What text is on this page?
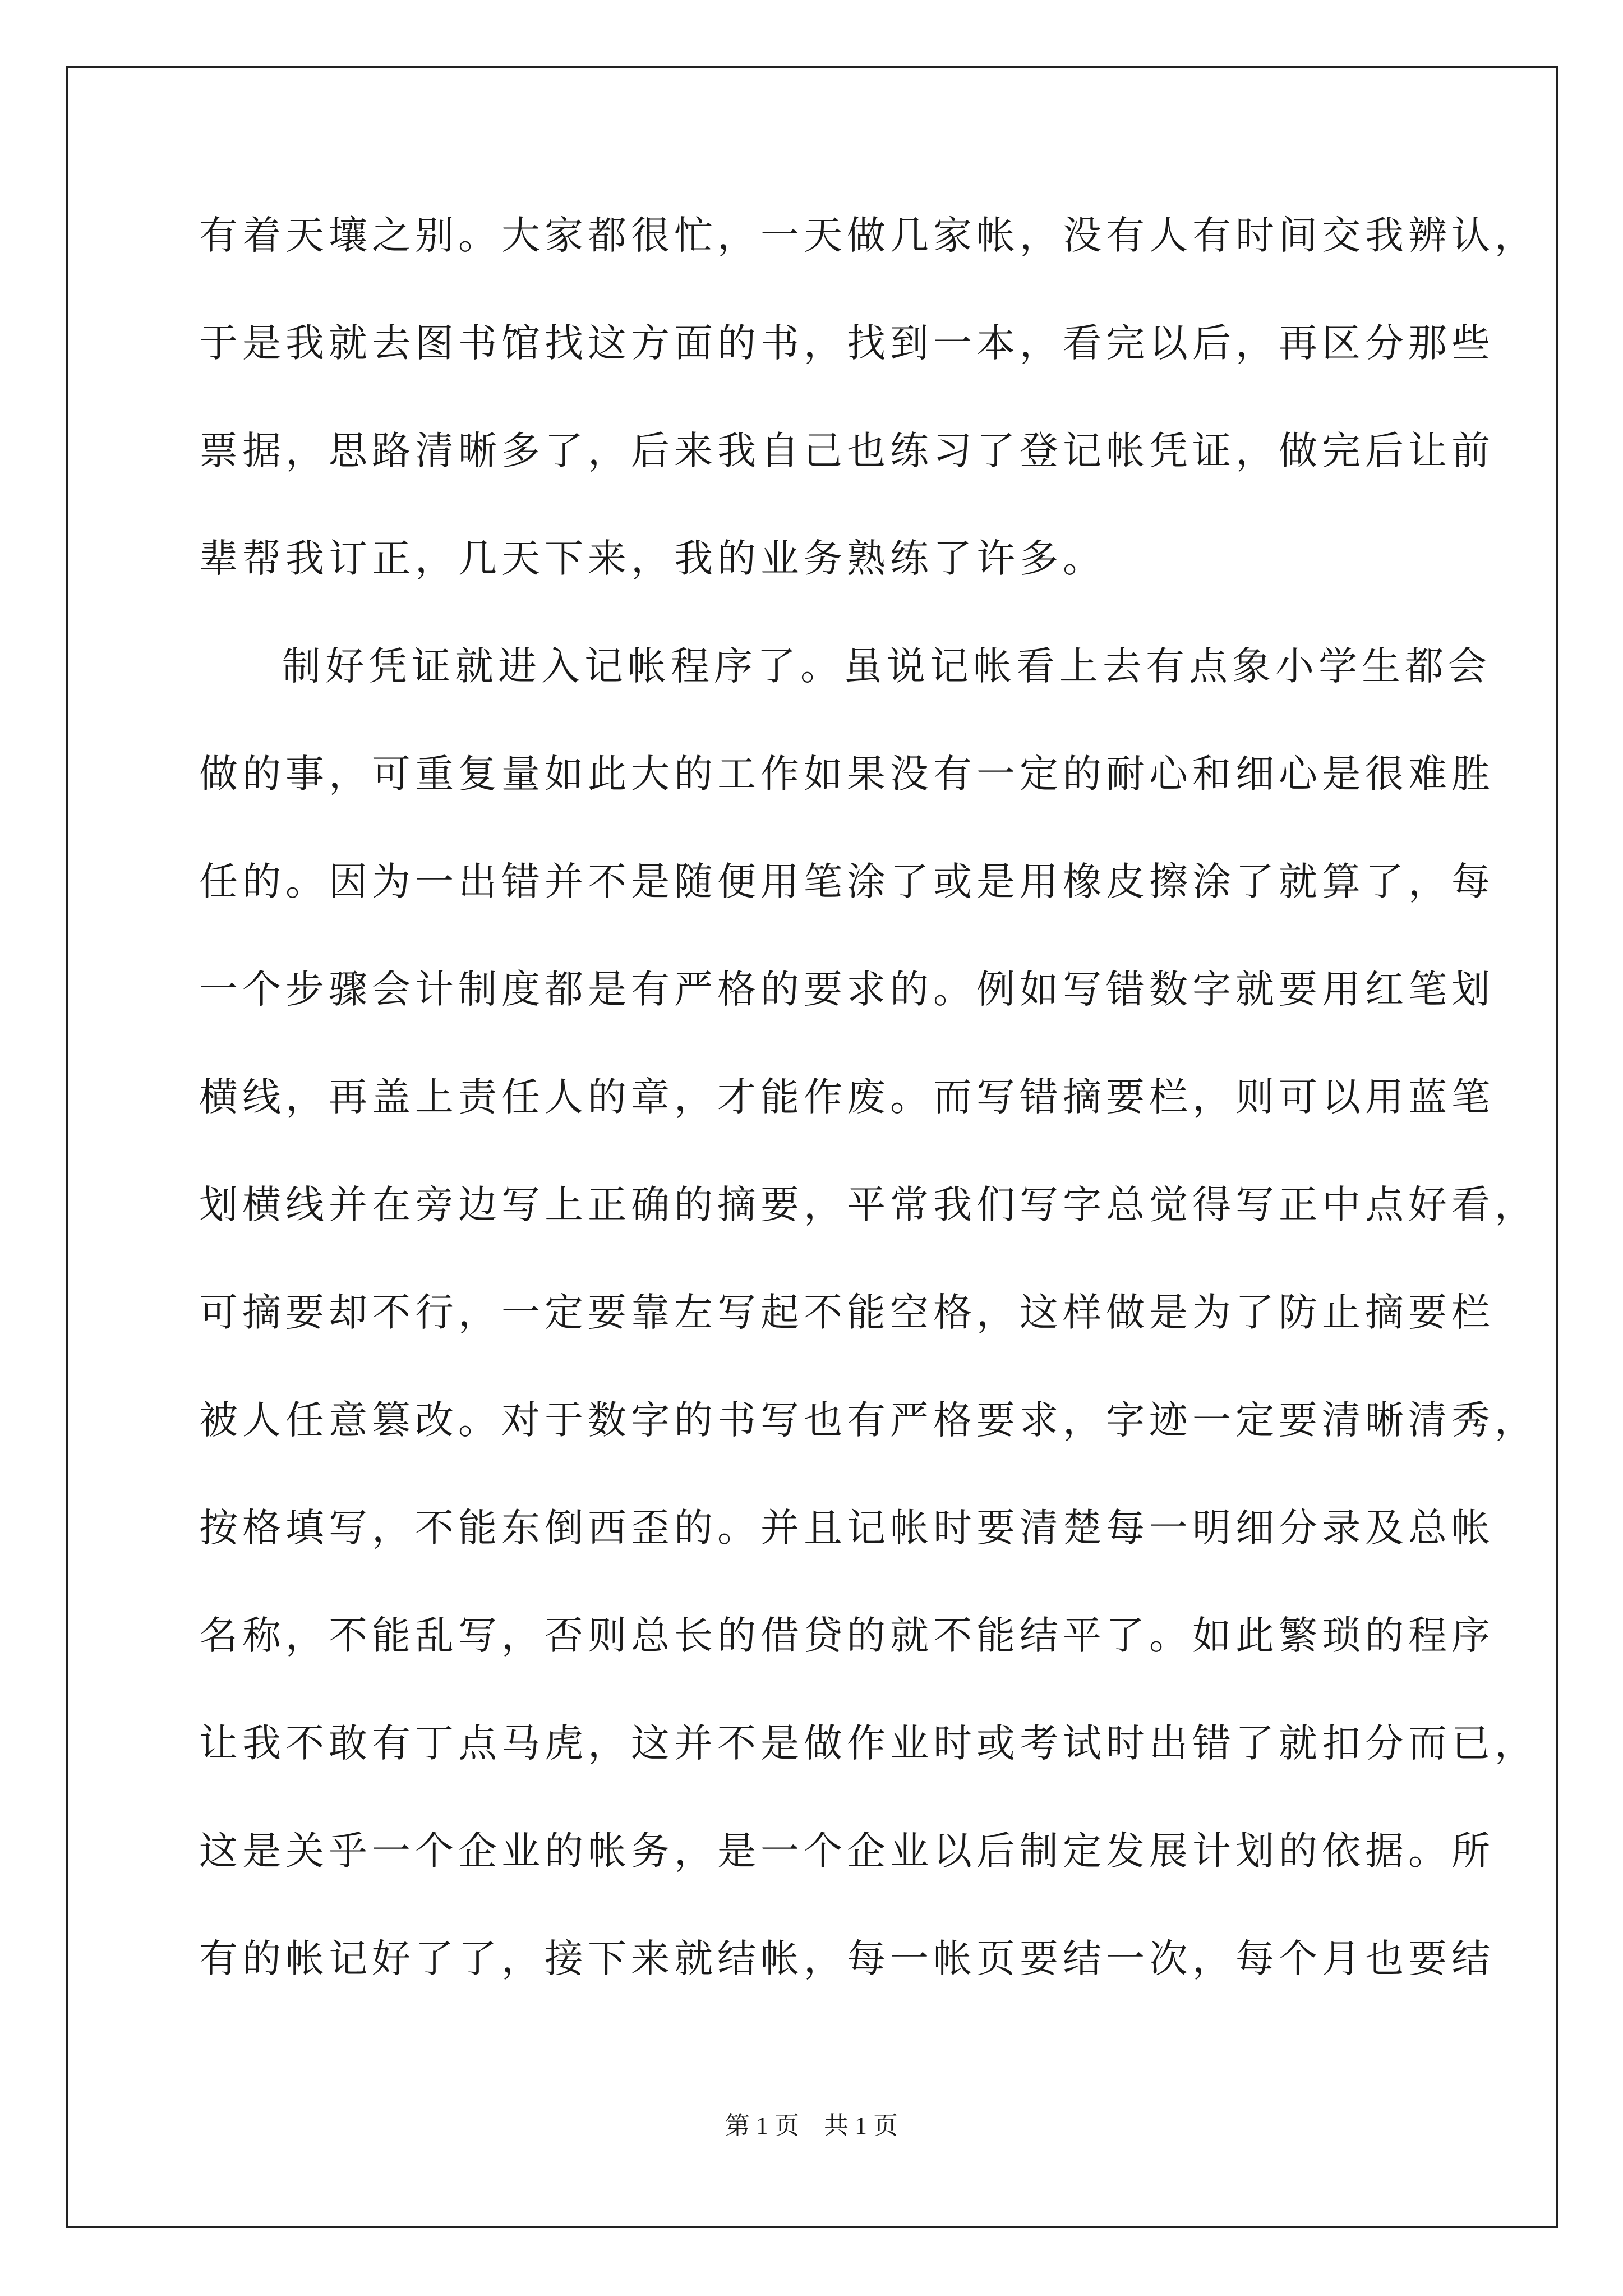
有着天壤之别。大家都很忙，一天做几家帐，没有人有时间交我辨认，
于是我就去图书馆找这方面的书，找到一本，看完以后，再区分那些
票据，思路清晰多了，后来我自己也练习了登记帐凭证，做完后让前
辈帮我订正，几天下来，我的业务熟练了许多。
制好凭证就进入记帐程序了。虽说记帐看上去有点象小学生都会
做的事，可重复量如此大的工作如果没有一定的耐心和细心是很难胜
任的。因为一出错并不是随便用笔涂了或是用橡皮擦涂了就算了，每
一个步骤会计制度都是有严格的要求的。例如写错数字就要用红笔划
横线，再盖上责任人的章，才能作废。而写错摘要栏，则可以用蓝笔
划横线并在旁边写上正确的摘要，平常我们写字总觉得写正中点好看，
可摘要却不行，一定要靠左写起不能空格，这样做是为了防止摘要栏
被人任意篡改。对于数字的书写也有严格要求，字迹一定要清晰清秀，
按格填写，不能东倒西歪的。并且记帐时要清楚每一明细分录及总帐
名称，不能乱写，否则总长的借贷的就不能结平了。如此繁琐的程序
让我不敢有丁点马虎，这并不是做作业时或考试时出错了就扣分而已，
这是关乎一个企业的帐务，是一个企业以后制定发展计划的依据。所
有的帐记好了了，接下来就结帐，每一帐页要结一次，每个月也要结
第 1 页    共 1 页
